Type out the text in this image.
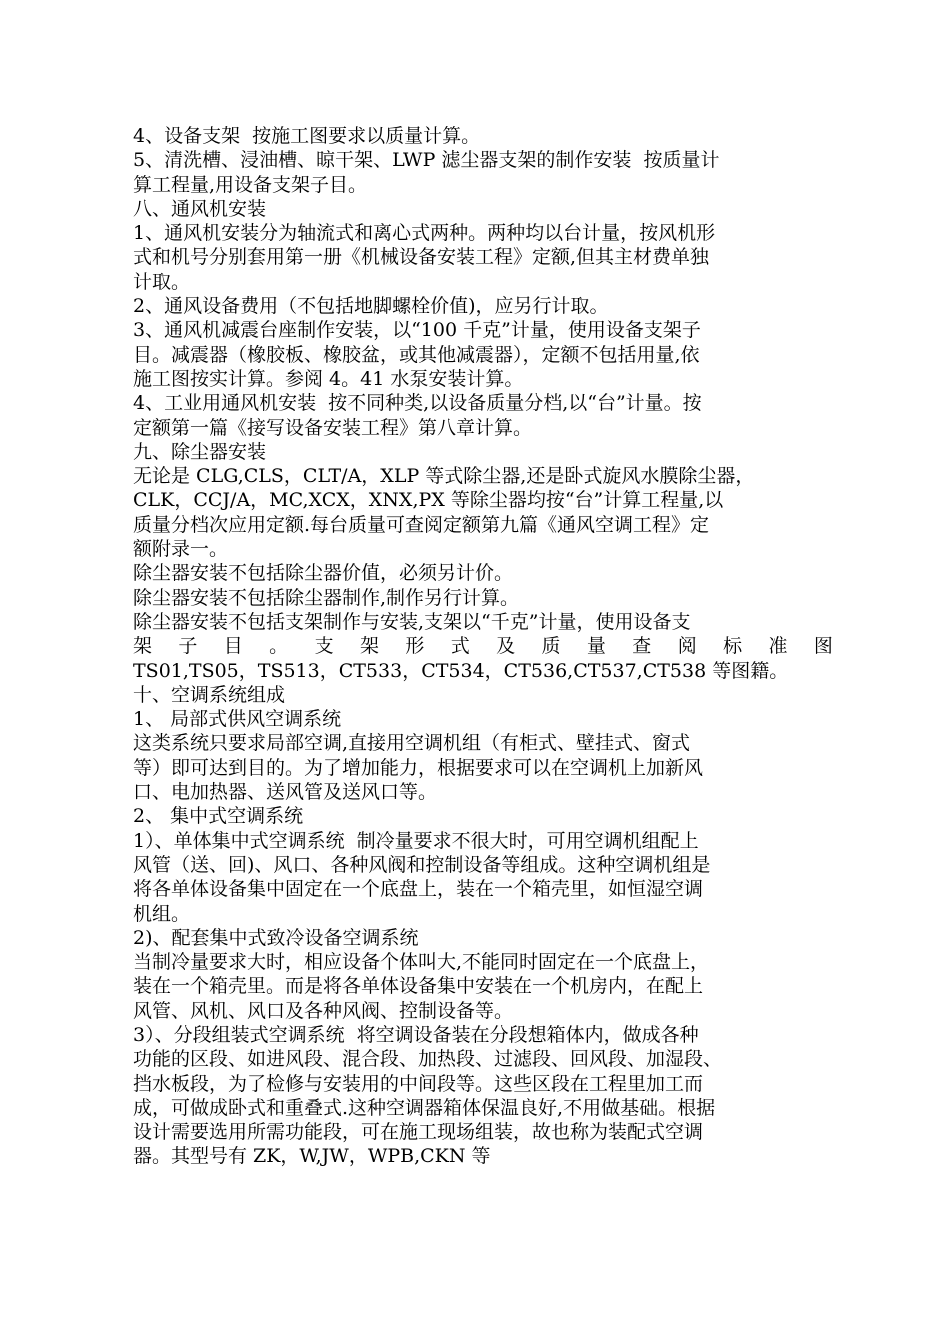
4、设备支架  按施工图要求以质量计算。
5、清洗槽、浸油槽、晾干架、LWP 滤尘器支架的制作安装  按质量计
算工程量,用设备支架子目。
八、通风机安装
1、通风机安装分为轴流式和离心式两种。两种均以台计量，按风机形
式和机号分别套用第一册《机械设备安装工程》定额,但其主材费单独
计取。
2、通风设备费用（不包括地脚螺栓价值)，应另行计取。
3、通风机减震台座制作安装，以“100 千克”计量，使用设备支架子
目。减震器（橡胶板、橡胶盆，或其他减震器），定额不包括用量,依
施工图按实计算。参阅 4。41 水泵安装计算。
4、工业用通风机安装  按不同种类,以设备质量分档,以“台”计量。按
定额第一篇《接写设备安装工程》第八章计算。
九、除尘器安装
无论是 CLG,CLS，CLT/A，XLP 等式除尘器,还是卧式旋风水膜除尘器，
CLK，CCJ/A，MC,XCX，XNX,PX 等除尘器均按“台”计算工程量,以
质量分档次应用定额.每台质量可查阅定额第九篇《通风空调工程》定
额附录一。
除尘器安装不包括除尘器价值，必须另计价。
除尘器安装不包括除尘器制作,制作另行计算。
除尘器安装不包括支架制作与安装,支架以“千克”计量，使用设备支
架 子 目 。 支 架 形 式 及 质 量 查 阅 标 准 图
TS01,TS05，TS513，CT533，CT534，CT536,CT537,CT538 等图籍。
十、空调系统组成
1、 局部式供风空调系统
这类系统只要求局部空调,直接用空调机组（有柜式、壁挂式、窗式
等）即可达到目的。为了增加能力，根据要求可以在空调机上加新风
口、电加热器、送风管及送风口等。
2、 集中式空调系统
1）、单体集中式空调系统  制冷量要求不很大时，可用空调机组配上
风管（送、回)、风口、各种风阀和控制设备等组成。这种空调机组是
将各单体设备集中固定在一个底盘上，装在一个箱壳里，如恒湿空调
机组。
2)、配套集中式致冷设备空调系统
当制冷量要求大时，相应设备个体叫大,不能同时固定在一个底盘上，
装在一个箱壳里。而是将各单体设备集中安装在一个机房内，在配上
风管、风机、风口及各种风阀、控制设备等。
3）、分段组装式空调系统  将空调设备装在分段想箱体内，做成各种
功能的区段、如进风段、混合段、加热段、过滤段、回风段、加湿段、
挡水板段，为了检修与安装用的中间段等。这些区段在工程里加工而
成，可做成卧式和重叠式.这种空调器箱体保温良好,不用做基础。根据
设计需要选用所需功能段，可在施工现场组装，故也称为装配式空调
器。其型号有 ZK，W,JW，WPB,CKN 等
